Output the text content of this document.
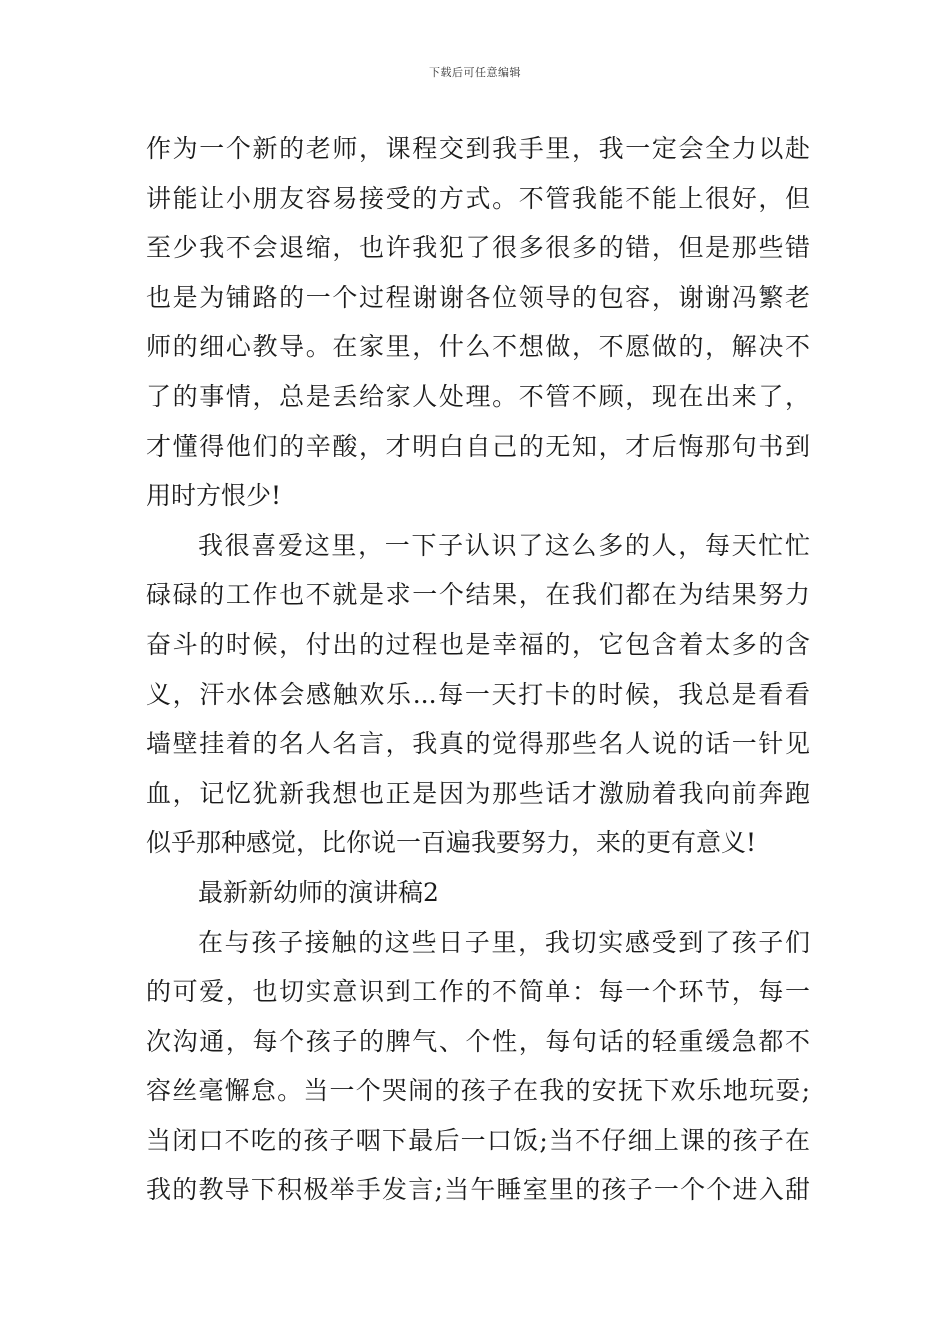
下载后可任意编辑
作为一个新的老师，课程交到我手里，我一定会全力以赴
讲能让小朋友容易接受的方式。不管我能不能上很好，但
至少我不会退缩，也许我犯了很多很多的错，但是那些错
也是为铺路的一个过程谢谢各位领导的包容，谢谢冯繁老
师的细心教导。在家里，什么不想做，不愿做的，解决不
了的事情，总是丢给家人处理。不管不顾，现在出来了，
才懂得他们的辛酸，才明白自己的无知，才后悔那句书到
用时方恨少!
我很喜爱这里，一下子认识了这么多的人，每天忙忙
碌碌的工作也不就是求一个结果，在我们都在为结果努力
奋斗的时候，付出的过程也是幸福的，它包含着太多的含
义，汗水体会感触欢乐...每一天打卡的时候，我总是看看
墙壁挂着的名人名言，我真的觉得那些名人说的话一针见
血，记忆犹新我想也正是因为那些话才激励着我向前奔跑
似乎那种感觉，比你说一百遍我要努力，来的更有意义!
最新新幼师的演讲稿2
在与孩子接触的这些日子里，我切实感受到了孩子们
的可爱，也切实意识到工作的不简单：每一个环节，每一
次沟通，每个孩子的脾气、个性，每句话的轻重缓急都不
容丝毫懈怠。当一个哭闹的孩子在我的安抚下欢乐地玩耍;
当闭口不吃的孩子咽下最后一口饭;当不仔细上课的孩子在
我的教导下积极举手发言;当午睡室里的孩子一个个进入甜
